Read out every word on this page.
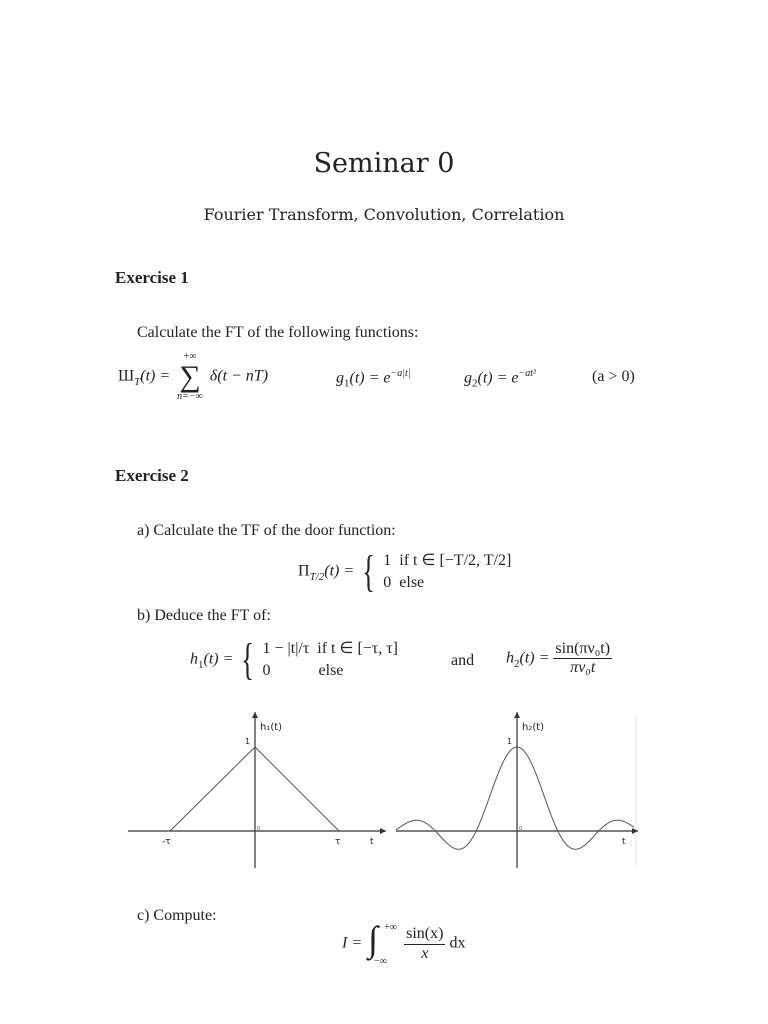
Seminar 0
Fourier Transform, Convolution, Correlation
Exercise 1
Calculate the FT of the following functions:
$Ш_T(t)$ =
+∞
∑
n=−∞
δ(t − nT)	$g_1(t) = e^{-a|t|}$	$g_2(t) = e^{-at^2}$	(a > 0)
Exercise 2
a) Calculate the TF of the door function:
$\Pi_{T/2}(t)$ = { 1 if t ∈ [−T/2, T/2]
0 else
b) Deduce the FT of:
$h_1(t)$ = { 1 − |t|/τ if t ∈ [−τ, τ]
0	else
and $h_2(t) = \frac{\text{sin(πν₀t)}}{\text{πν₀t}}$
h₁(t)
1
-τ	τ	t
0
h₂(t)
1
t
0
c) Compute:
I = ∫ +∞
−∞
$\frac{\sin(x)}{x}$ dx
